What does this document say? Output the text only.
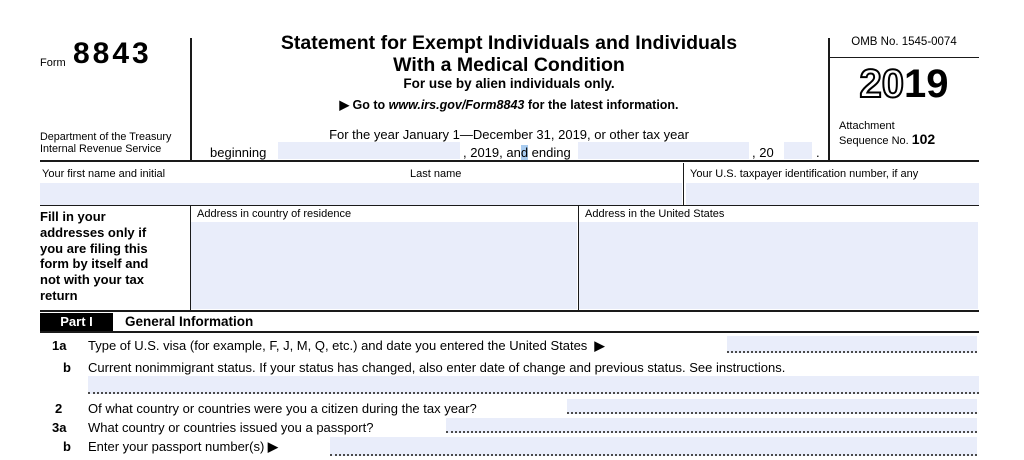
Form 8843
Department of the Treasury
Internal Revenue Service
Statement for Exempt Individuals and Individuals
With a Medical Condition
For use by alien individuals only.
▶ Go to www.irs.gov/Form8843 for the latest information.
For the year January 1—December 31, 2019, or other tax year
beginning	, 2019, and ending	, 20	.
OMB No. 1545-0074
2019
Attachment
Sequence No. 102
Your first name and initial	Last name	Your U.S. taxpayer identification number, if any
Fill in your addresses only if you are filing this form by itself and not with your tax return
Address in country of residence	Address in the United States
Part I	General Information
1a Type of U.S. visa (for example, F, J, M, Q, etc.) and date you entered the United States ▶
b Current nonimmigrant status. If your status has changed, also enter date of change and previous status. See instructions.
2 Of what country or countries were you a citizen during the tax year?
3a What country or countries issued you a passport?
b Enter your passport number(s) ▶
